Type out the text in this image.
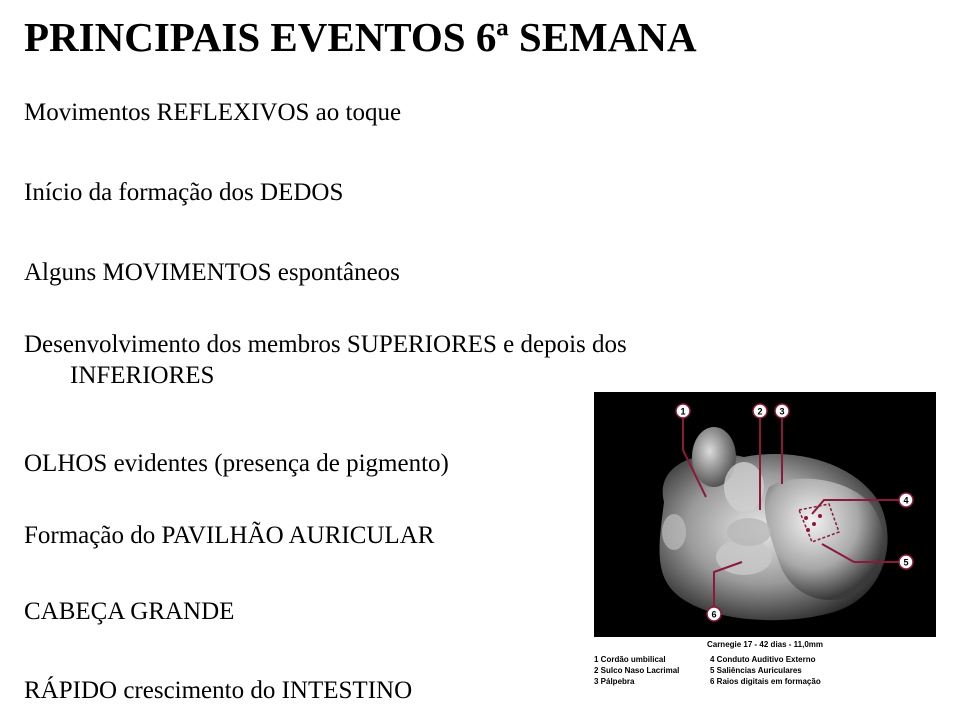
PRINCIPAIS EVENTOS 6ª SEMANA
Movimentos REFLEXIVOS ao toque
Início da formação dos DEDOS
Alguns MOVIMENTOS espontâneos
Desenvolvimento dos membros SUPERIORES e depois dos
INFERIORES
OLHOS evidentes (presença de pigmento)
Formação do PAVILHÃO AURICULAR
CABEÇA GRANDE
RÁPIDO crescimento do INTESTINO
1	2 3
4
5
6
Carnegie 17 - 42 dias - 11,0mm
1 Cordão umbilical
2 Sulco Naso Lacrimal
3 Pálpebra
4 Conduto Auditivo Externo
5 Saliências Auriculares
6 Raios digitais em formação
